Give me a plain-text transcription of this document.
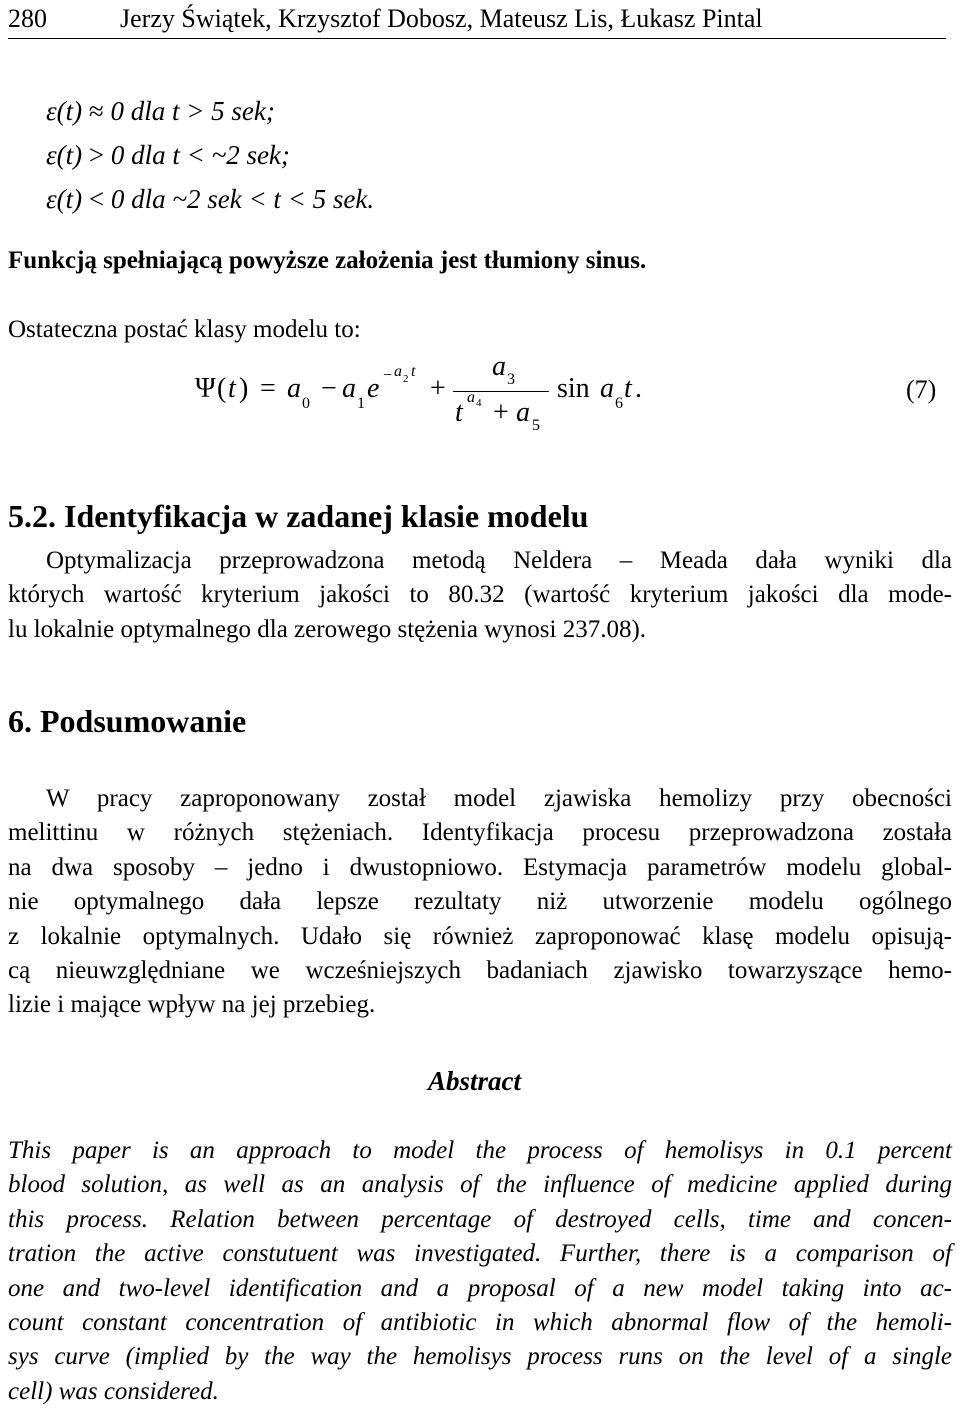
280	Jerzy Świątek, Krzysztof Dobosz, Mateusz Lis, Łukasz Pintal
ε(t) ≈ 0 dla t > 5 sek;
ε(t) > 0 dla t < ~2 sek;
ε(t) < 0 dla ~2 sek < t < 5 sek.
Funkcją spełniającą powyższe założenia jest tłumiony sinus.
Ostateczna postać klasy modelu to:
Ψ ( t ) = a 0 − a 1 e − a 2 t
+
a 3
t a 4 + a 5
sin a 6 t .	(7)
5.2. Identyfikacja w zadanej klasie modelu
Optymalizacja przeprowadzona metodą Neldera – Meada dała wyniki dla
których wartość kryterium jakości to 80.32 (wartość kryterium jakości dla mode-
lu lokalnie optymalnego dla zerowego stężenia wynosi 237.08).
6. Podsumowanie
W pracy zaproponowany został model zjawiska hemolizy przy obecności
melittinu w różnych stężeniach. Identyfikacja procesu przeprowadzona została
na dwa sposoby – jedno i dwustopniowo. Estymacja parametrów modelu global-
nie optymalnego dała lepsze rezultaty niż utworzenie modelu ogólnego
z lokalnie optymalnych. Udało się również zaproponować klasę modelu opisują-
cą nieuwzględniane we wcześniejszych badaniach zjawisko towarzyszące hemo-
lizie i mające wpływ na jej przebieg.
Abstract
This paper is an approach to model the process of hemolisys in 0.1 percent
blood solution, as well as an analysis of the influence of medicine applied during
this process. Relation between percentage of destroyed cells, time and concen-
tration the active constutuent was investigated. Further, there is a comparison of
one and two-level identification and a proposal of a new model taking into ac-
count constant concentration of antibiotic in which abnormal flow of the hemoli-
sys curve (implied by the way the hemolisys process runs on the level of a single
cell) was considered.
